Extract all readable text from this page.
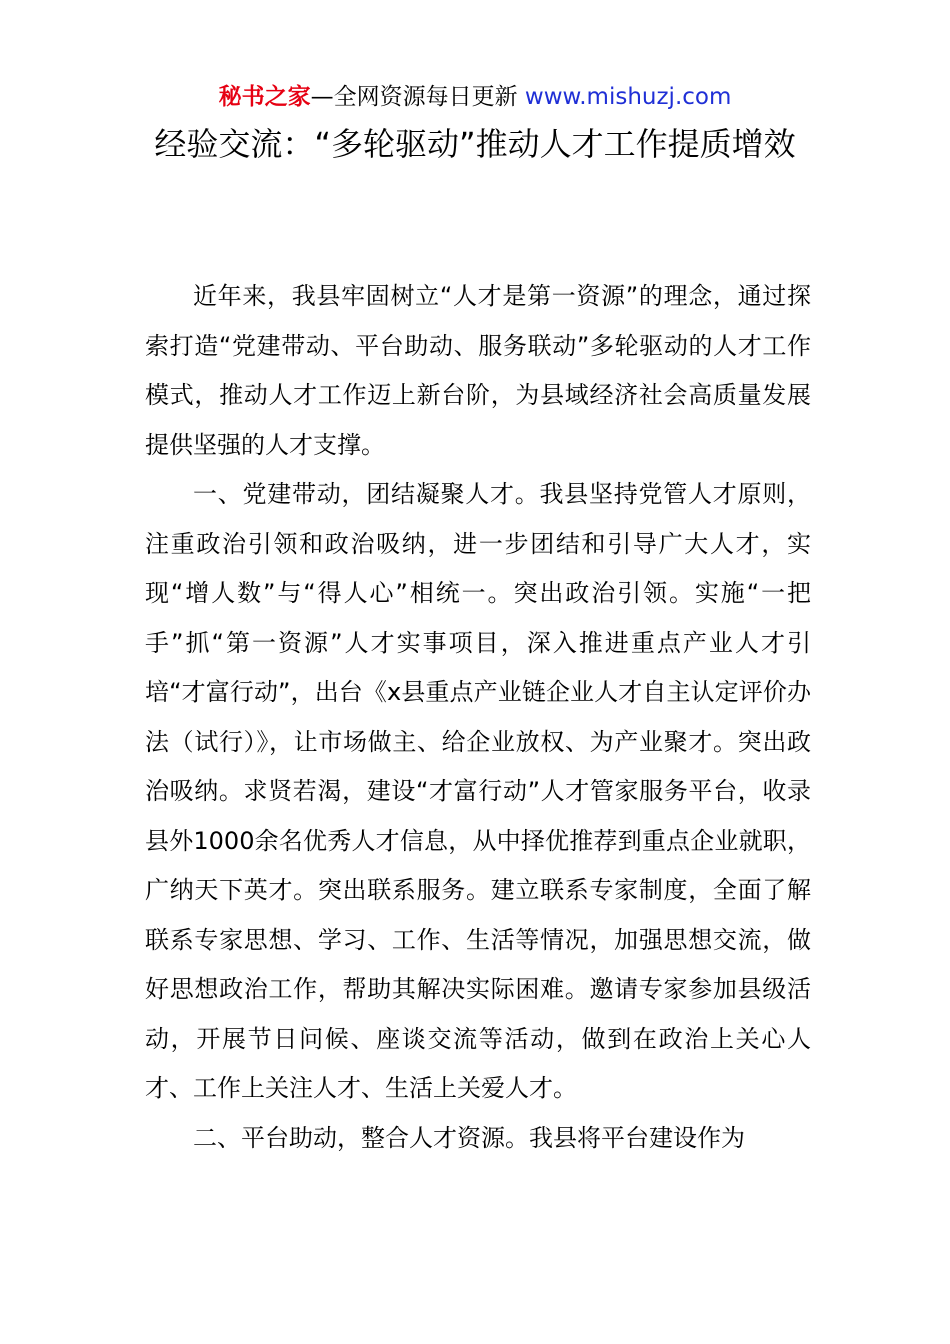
秘书之家—全网资源每日更新 www.mishuzj.com
经验交流：“多轮驱动”推动人才工作提质增效

近年来，我县牢固树立“人才是第一资源”的理念，通过探索打造“党建带动、平台助动、服务联动”多轮驱动的人才工作模式，推动人才工作迈上新台阶，为县域经济社会高质量发展提供坚强的人才支撑。

一、党建带动，团结凝聚人才。我县坚持党管人才原则，注重政治引领和政治吸纳，进一步团结和引导广大人才，实现“增人数”与“得人心”相统一。突出政治引领。实施“一把手”抓“第一资源”人才实事项目，深入推进重点产业人才引培“才富行动”，出台《x县重点产业链企业人才自主认定评价办法（试行）》，让市场做主、给企业放权、为产业聚才。突出政治吸纳。求贤若渴，建设“才富行动”人才管家服务平台，收录县外1000余名优秀人才信息，从中择优推荐到重点企业就职，广纳天下英才。突出联系服务。建立联系专家制度，全面了解联系专家思想、学习、工作、生活等情况，加强思想交流，做好思想政治工作，帮助其解决实际困难。邀请专家参加县级活动，开展节日问候、座谈交流等活动，做到在政治上关心人才、工作上关注人才、生活上关爱人才。

二、平台助动，整合人才资源。我县将平台建设作为
